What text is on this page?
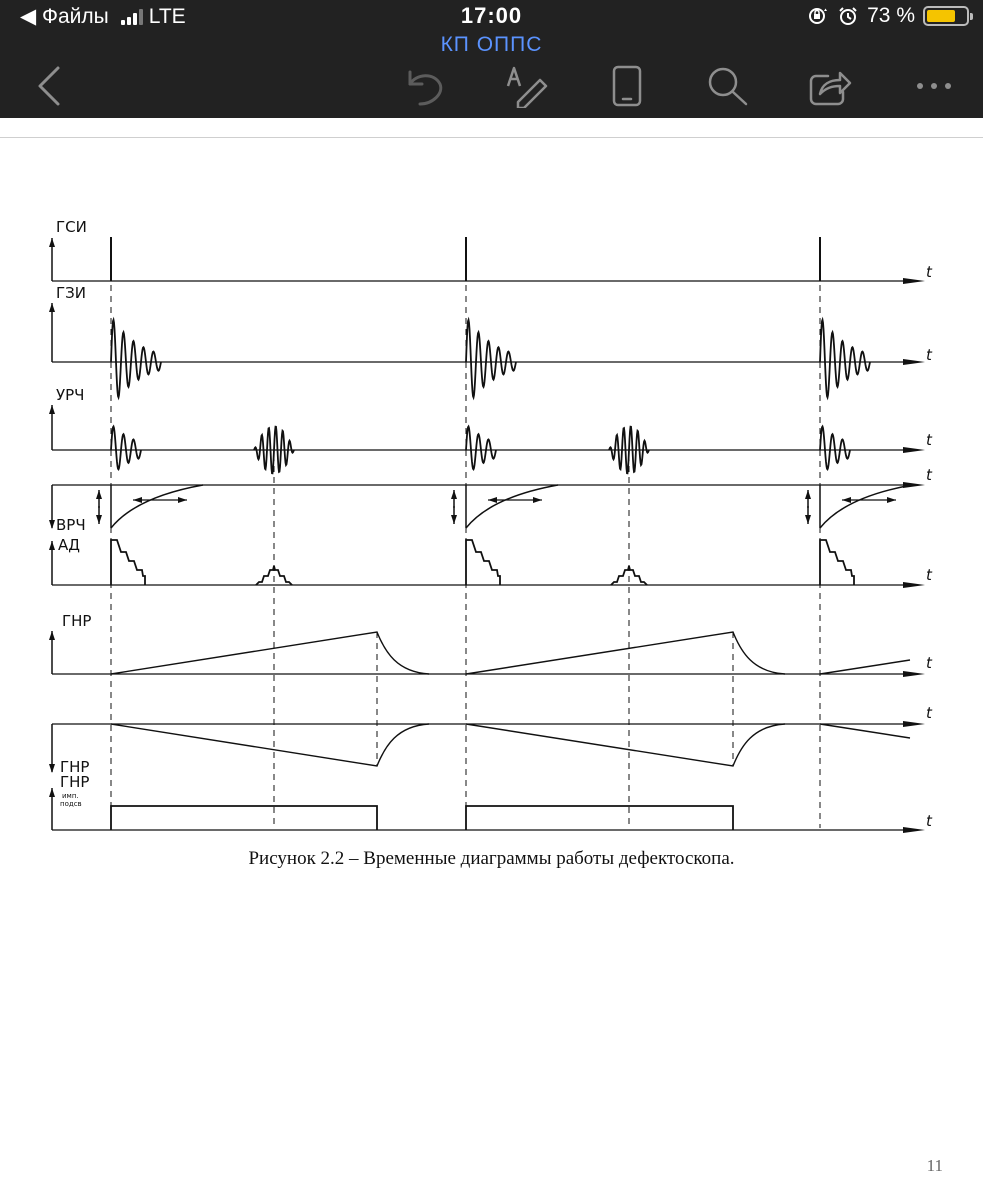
◀ Файлы LTE	17:00	73 %
КП ОППС
ГСИ
t
ГЗИ
t
УРЧ
t
t
ВРЧ
АД
t
ГНР
t
t
ГНР
ГНР
имп.
подсв
t
Рисунок 2.2 – Временные диаграммы работы дефектоскопа.
11
